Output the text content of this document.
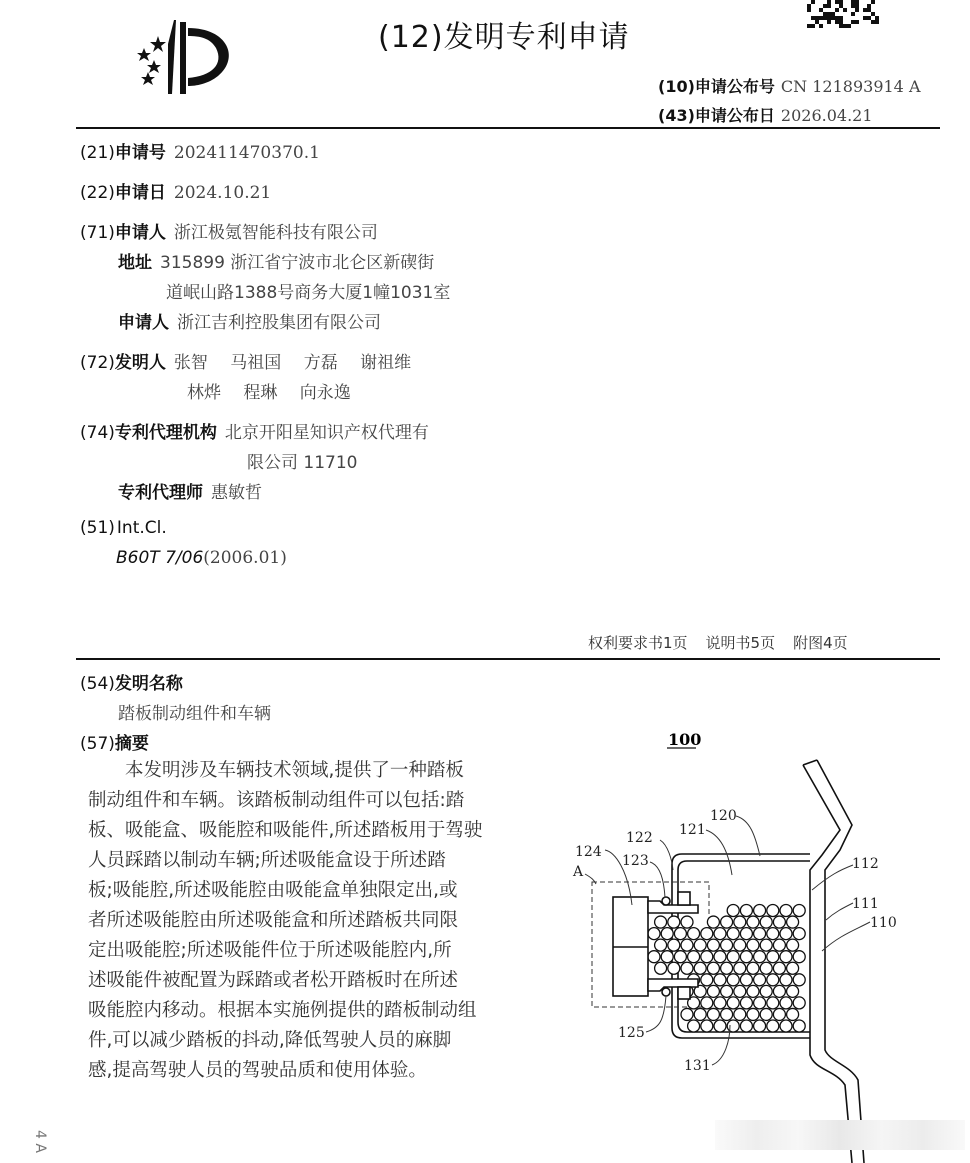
(12)发明专利申请
(10)申请公布号 CN 121893914 A
(43)申请公布日 2026.04.21
(21)申请号 202411470370.1
(22)申请日 2024.10.21
(71)申请人 浙江极氪智能科技有限公司
地址 315899 浙江省宁波市北仑区新碶街
道岷山路1388号商务大厦1幢1031室
申请人 浙江吉利控股集团有限公司
(72)发明人 张智　 马祖国　 方磊　 谢祖维
林烨　 程琳　 向永逸
(74)专利代理机构 北京开阳星知识产权代理有
限公司 11710
专利代理师 惠敏哲
(51) Int.Cl.
B60T 7/06(2006.01)
权利要求书1页 说明书5页 附图4页
(54)发明名称
踏板制动组件和车辆
(57)摘要
　　本发明涉及车辆技术领域,提供了一种踏板
制动组件和车辆。该踏板制动组件可以包括:踏
板、吸能盒、吸能腔和吸能件,所述踏板用于驾驶
人员踩踏以制动车辆;所述吸能盒设于所述踏
板;吸能腔,所述吸能腔由吸能盒单独限定出,或
者所述吸能腔由所述吸能盒和所述踏板共同限
定出吸能腔;所述吸能件位于所述吸能腔内,所
述吸能件被配置为踩踏或者松开踏板时在所述
吸能腔内移动。根据本实施例提供的踏板制动组
件,可以减少踏板的抖动,降低驾驶人员的麻脚
感,提高驾驶人员的驾驶品质和使用体验。
100
A
124
123
122 121
120
112
111
110
125
131
4 A
